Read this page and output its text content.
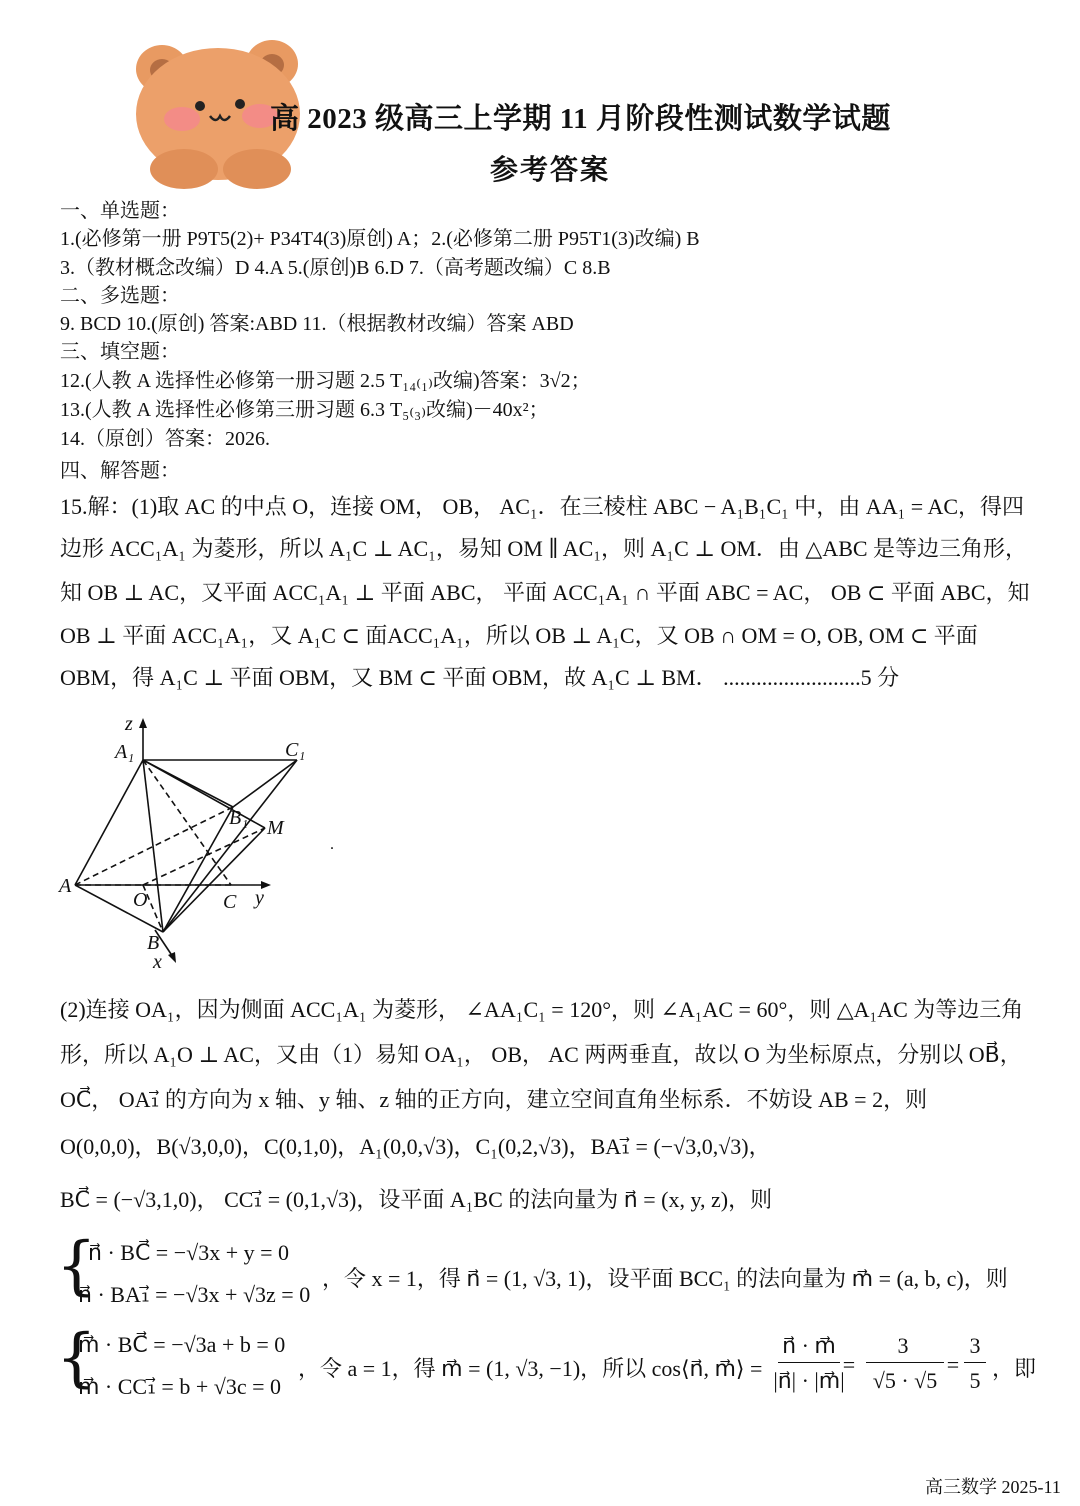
高 2023 级高三上学期 11 月阶段性测试数学试题
参考答案
一、单选题：
1.(必修第一册 P9T5(2)+ P34T4(3)原创) A；2.(必修第二册 P95T1(3)改编) B
3.（教材概念改编）D 4.A 5.(原创)B 6.D 7.（高考题改编）C 8.B
二、多选题：
9. BCD 10.(原创) 答案:ABD 11.（根据教材改编）答案 ABD
三、填空题：
12.(人教 A 选择性必修第一册习题 2.5 T₁₄₍₁₎改编)答案：3√2；
13.(人教 A 选择性必修第三册习题 6.3 T₅₍₃₎改编)－40x²；
14.（原创）答案：2026.
四、解答题：
15.解：(1)取 AC 的中点 O，连接 OM， OB， AC₁．在三棱柱 ABC − A₁B₁C₁ 中，由 AA₁ = AC，得四
边形 ACC₁A₁ 为菱形，所以 A₁C ⊥ AC₁，易知 OM ∥ AC₁，则 A₁C ⊥ OM．由 △ABC 是等边三角形，
知 OB ⊥ AC，又平面 ACC₁A₁ ⊥ 平面 ABC， 平面 ACC₁A₁ ∩ 平面 ABC = AC， OB ⊂ 平面 ABC，知
OB ⊥ 平面 ACC₁A₁，又 A₁C ⊂ 面ACC₁A₁，所以 OB ⊥ A₁C，又 OB ∩ OM = O, OB, OM ⊂ 平面
OBM，得 A₁C ⊥ 平面 OBM，又 BM ⊂ 平面 OBM，故 A₁C ⊥ BM． .........................5 分
z
A₁	C₁
B₁ M
A
O	C y
B
x
.
(2)连接 OA₁，因为侧面 ACC₁A₁ 为菱形， ∠AA₁C₁ = 120°，则 ∠A₁AC = 60°，则 △A₁AC 为等边三角
形，所以 A₁O ⊥ AC，又由（1）易知 OA₁， OB， AC 两两垂直，故以 O 为坐标原点，分别以 OB⃗，
OC⃗， OA₁⃗ 的方向为 x 轴、y 轴、z 轴的正方向，建立空间直角坐标系．不妨设 AB = 2，则
O(0,0,0)，B(√3,0,0)，C(0,1,0)，A₁(0,0,√3)，C₁(0,2,√3)，BA₁⃗ = (−√3,0,√3)，
BC⃗ = (−√3,1,0)， CC₁⃗ = (0,1,√3)，设平面 A₁BC 的法向量为 n⃗ = (x, y, z)，则
{
n⃗ · BC⃗ = −√3x + y = 0
n⃗ · BA₁⃗ = −√3x + √3z = 0
，令 x = 1，得 n⃗ = (1, √3, 1)，设平面 BCC₁ 的法向量为 m⃗ = (a, b, c)，则
{
m⃗ · BC⃗ = −√3a + b = 0
m⃗ · CC₁⃗ = b + √3c = 0
，令 a = 1，得 m⃗ = (1, √3, −1)，所以 cos⟨n⃗, m⃗⟩ =
n⃗ · m⃗
|n⃗| · |m⃗|
=
3
√5 · √5
=
3
5 ，即
高三数学 2025-11
